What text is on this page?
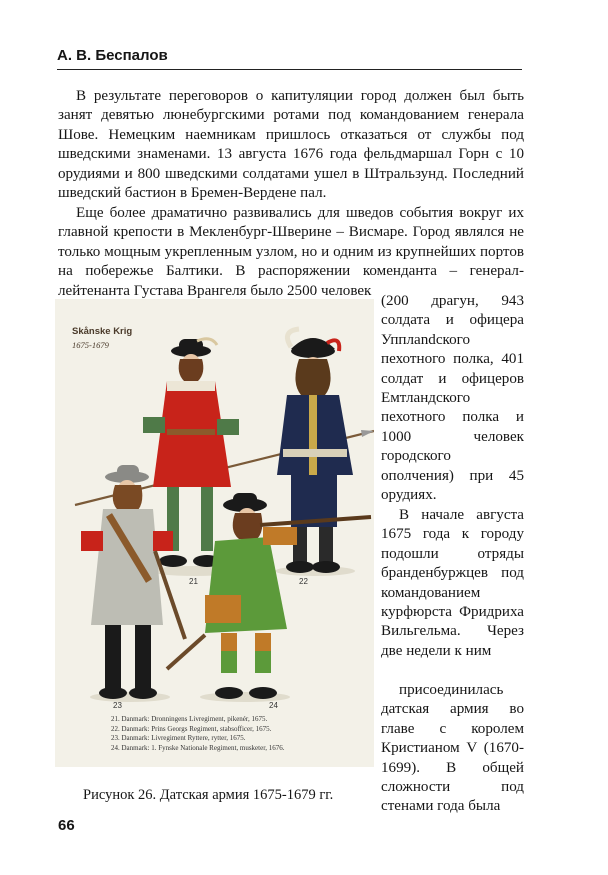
А. В. Беспалов

В результате переговоров о капитуляции город должен был быть занят девятью люнебургскими ротами под командованием генерала Шове. Немецким наемникам пришлось отказаться от службы под шведскими знаменами. 13 августа 1676 года фельдмаршал Горн с 10 орудиями и 800 шведскими солдатами ушел в Штральзунд. Последний шведский бастион в Бремен-Вердене пал.

Еще более драматично развивались для шведов события вокруг их главной крепости в Мекленбург-Шверине – Висмаре. Город являлся не только мощным укрепленным узлом, но и одним из крупнейших портов на побережье Балтики. В распоряжении коменданта – генерал-лейтенанта Густава Врангеля было 2500 человек

Skånske Krig
1675-1679
21	22
23	24
21. Danmark: Dronningens Livregiment, pikenér, 1675.
22. Danmark: Prins Georgs Regiment, stabsofficer, 1675.
23. Danmark: Livregiment Ryttere, rytter, 1675.
24. Danmark: 1. Fynske Nationale Regiment, musketer, 1676.

(200 драгун, 943 солдата и офицера Упплandского пехотного полка, 401 солдат и офицеров Емтландского пехотного полка и 1000 человек городского ополчения) при 45 орудиях.

В начале августа 1675 года к городу подошли отряды бранденбуржцев под командованием курфюрста Фридриха Вильгельма. Через две недели к ним

присоединилась датская армия во главе с королем Кристианом V (1670-1699). В общей сложности под стенами года была

Рисунок 26. Датская армия 1675-1679 гг.
66
